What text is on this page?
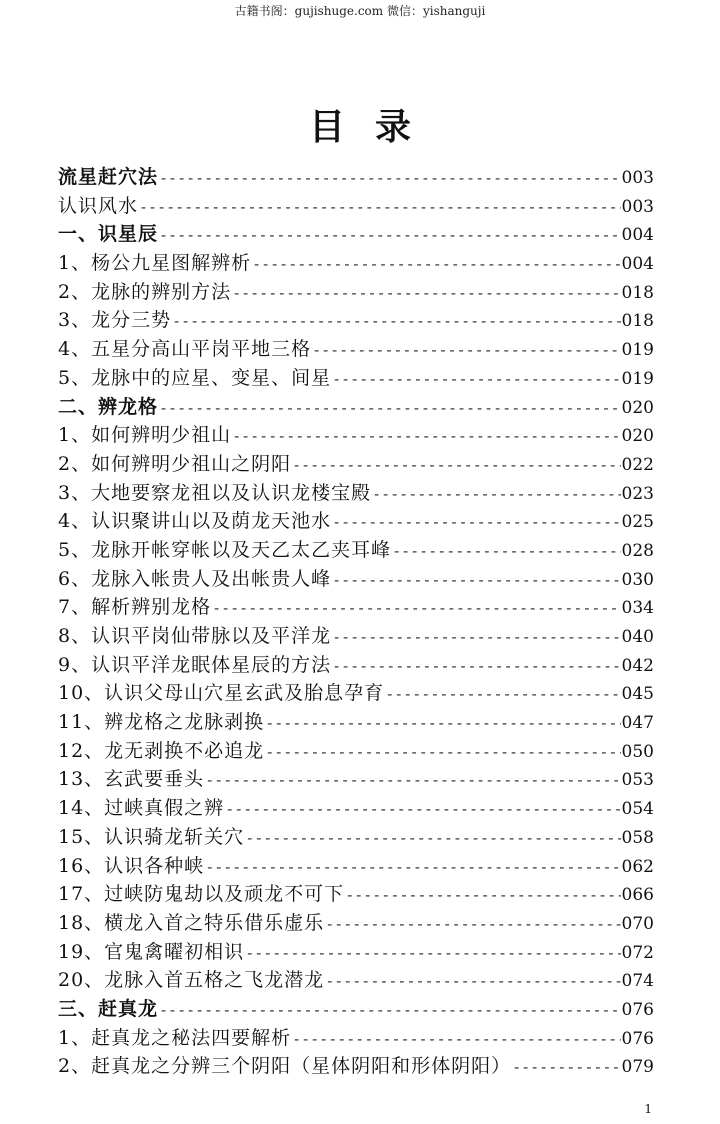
古籍书阁：gujishuge.com 微信：yishanguji
目录
流星赶穴法 -----	003
认识风水 -----	003
一、识星辰 -----	004
1、杨公九星图解辨析 -----	004
2、龙脉的辨别方法 -----	018
3、龙分三势 -----	018
4、五星分高山平岗平地三格 -----	019
5、龙脉中的应星、变星、间星 -----	019
二、辨龙格 -----	020
1、如何辨明少祖山 -----	020
2、如何辨明少祖山之阴阳 -----	022
3、大地要察龙祖以及认识龙楼宝殿 -----	023
4、认识聚讲山以及荫龙天池水 -----	025
5、龙脉开帐穿帐以及天乙太乙夹耳峰 -----	028
6、龙脉入帐贵人及出帐贵人峰 -----	030
7、解析辨别龙格 -----	034
8、认识平岗仙带脉以及平洋龙 -----	040
9、认识平洋龙眠体星辰的方法 -----	042
10、认识父母山穴星玄武及胎息孕育 -----	045
11、辨龙格之龙脉剥换 -----	047
12、龙无剥换不必追龙 -----	050
13、玄武要垂头 -----	053
14、过峡真假之辨 -----	054
15、认识骑龙斩关穴 -----	058
16、认识各种峡 -----	062
17、过峡防鬼劫以及顽龙不可下 -----	066
18、横龙入首之特乐借乐虚乐 -----	070
19、官鬼禽曜初相识 -----	072
20、龙脉入首五格之飞龙潜龙 -----	074
三、赶真龙 -----	076
1、赶真龙之秘法四要解析 -----	076
2、赶真龙之分辨三个阴阳（星体阴阳和形体阴阳） -----	079
1
